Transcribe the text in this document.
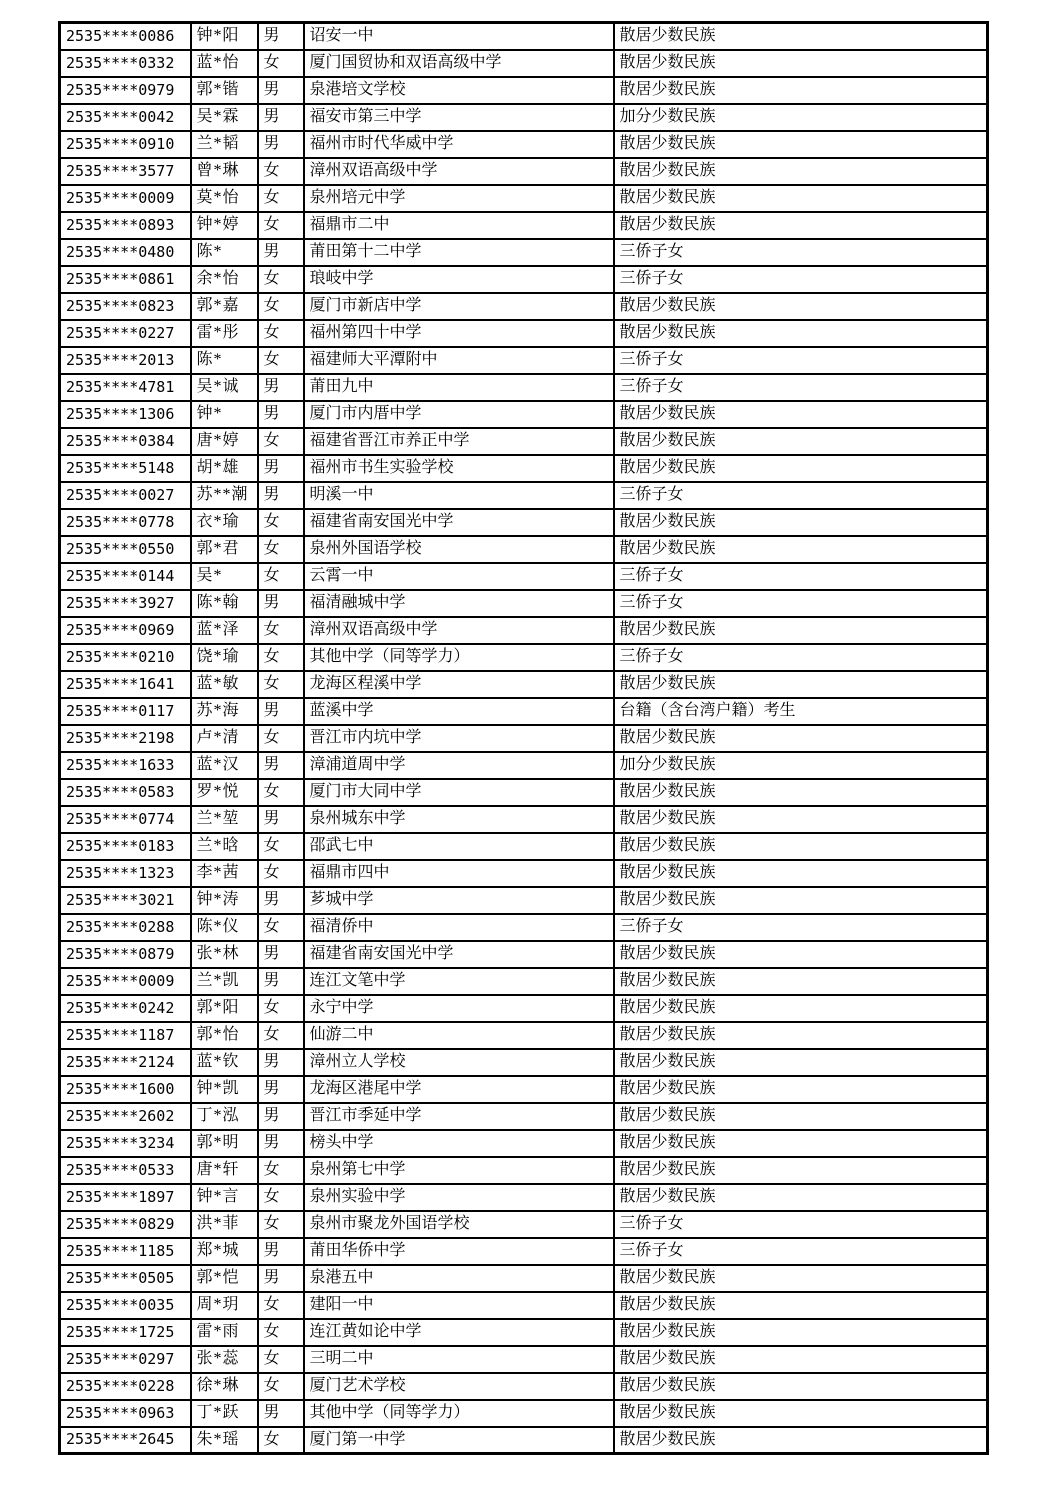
2535****0086	钟*阳	男	诏安一中	散居少数民族
2535****0332	蓝*怡	女	厦门国贸协和双语高级中学	散居少数民族
2535****0979	郭*锴	男	泉港培文学校	散居少数民族
2535****0042	吴*霖	男	福安市第三中学	加分少数民族
2535****0910	兰*韬	男	福州市时代华威中学	散居少数民族
2535****3577	曾*琳	女	漳州双语高级中学	散居少数民族
2535****0009	莫*怡	女	泉州培元中学	散居少数民族
2535****0893	钟*婷	女	福鼎市二中	散居少数民族
2535****0480	陈*	男	莆田第十二中学	三侨子女
2535****0861	余*怡	女	琅岐中学	三侨子女
2535****0823	郭*嘉	女	厦门市新店中学	散居少数民族
2535****0227	雷*彤	女	福州第四十中学	散居少数民族
2535****2013	陈*	女	福建师大平潭附中	三侨子女
2535****4781	吴*诚	男	莆田九中	三侨子女
2535****1306	钟*	男	厦门市内厝中学	散居少数民族
2535****0384	唐*婷	女	福建省晋江市养正中学	散居少数民族
2535****5148	胡*雄	男	福州市书生实验学校	散居少数民族
2535****0027	苏**潮	男	明溪一中	三侨子女
2535****0778	衣*瑜	女	福建省南安国光中学	散居少数民族
2535****0550	郭*君	女	泉州外国语学校	散居少数民族
2535****0144	吴*	女	云霄一中	三侨子女
2535****3927	陈*翰	男	福清融城中学	三侨子女
2535****0969	蓝*泽	女	漳州双语高级中学	散居少数民族
2535****0210	饶*瑜	女	其他中学（同等学力）	三侨子女
2535****1641	蓝*敏	女	龙海区程溪中学	散居少数民族
2535****0117	苏*海	男	蓝溪中学	台籍（含台湾户籍）考生
2535****2198	卢*清	女	晋江市内坑中学	散居少数民族
2535****1633	蓝*汉	男	漳浦道周中学	加分少数民族
2535****0583	罗*悦	女	厦门市大同中学	散居少数民族
2535****0774	兰*堃	男	泉州城东中学	散居少数民族
2535****0183	兰*晗	女	邵武七中	散居少数民族
2535****1323	李*茜	女	福鼎市四中	散居少数民族
2535****3021	钟*涛	男	芗城中学	散居少数民族
2535****0288	陈*仪	女	福清侨中	三侨子女
2535****0879	张*林	男	福建省南安国光中学	散居少数民族
2535****0009	兰*凯	男	连江文笔中学	散居少数民族
2535****0242	郭*阳	女	永宁中学	散居少数民族
2535****1187	郭*怡	女	仙游二中	散居少数民族
2535****2124	蓝*钦	男	漳州立人学校	散居少数民族
2535****1600	钟*凯	男	龙海区港尾中学	散居少数民族
2535****2602	丁*泓	男	晋江市季延中学	散居少数民族
2535****3234	郭*明	男	榜头中学	散居少数民族
2535****0533	唐*轩	女	泉州第七中学	散居少数民族
2535****1897	钟*言	女	泉州实验中学	散居少数民族
2535****0829	洪*菲	女	泉州市聚龙外国语学校	三侨子女
2535****1185	郑*城	男	莆田华侨中学	三侨子女
2535****0505	郭*恺	男	泉港五中	散居少数民族
2535****0035	周*玥	女	建阳一中	散居少数民族
2535****1725	雷*雨	女	连江黄如论中学	散居少数民族
2535****0297	张*蕊	女	三明二中	散居少数民族
2535****0228	徐*琳	女	厦门艺术学校	散居少数民族
2535****0963	丁*跃	男	其他中学（同等学力）	散居少数民族
2535****2645	朱*瑶	女	厦门第一中学	散居少数民族
